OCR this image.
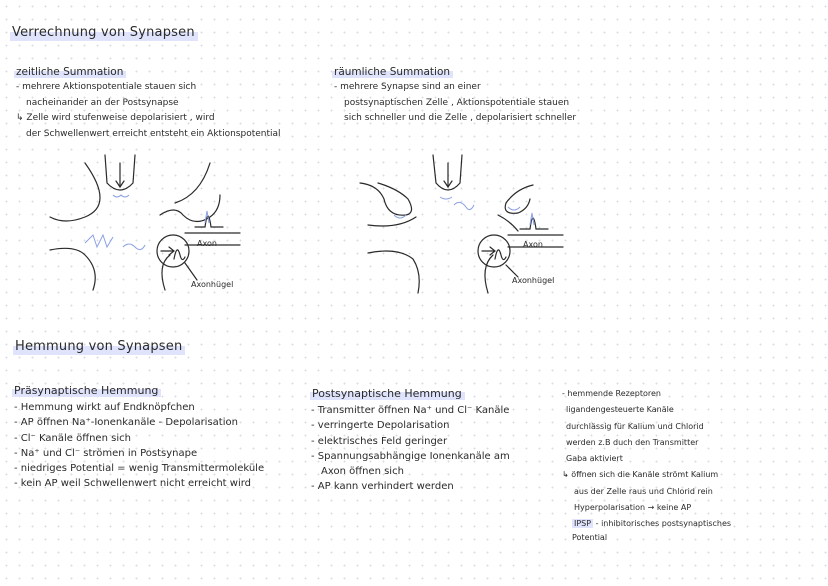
Verrechnung von Synapsen
zeitliche Summation
- mehrere Aktionspotentiale stauen sich
nacheinander an der Postsynapse
↳ Zelle wird stufenweise depolarisiert , wird
der Schwellenwert erreicht entsteht ein Aktionspotential
räumliche Summation
- mehrere Synapse sind an einer
postsynaptischen Zelle , Aktionspotentiale stauen
sich schneller und die Zelle , depolarisiert schneller
Axon
Axonhügel
Axon
Axonhügel
Hemmung von Synapsen
Präsynaptische Hemmung
- Hemmung wirkt auf Endknöpfchen
- AP öffnen Na⁺-Ionenkanäle - Depolarisation
- Cl⁻ Kanäle öffnen sich
- Na⁺ und Cl⁻ strömen in Postsynape
- niedriges Potential = wenig Transmittermoleküle
- kein AP weil Schwellenwert nicht erreicht wird
Postsynaptische Hemmung
- Transmitter öffnen Na⁺ und Cl⁻ Kanäle
- verringerte Depolarisation
- elektrisches Feld geringer
- Spannungsabhängige Ionenkanäle am
Axon öffnen sich
- AP kann verhindert werden
- hemmende Rezeptoren
ligandengesteuerte Kanäle
durchlässig für Kalium und Chlorid
werden z.B duch den Transmitter
Gaba aktiviert
↳ öffnen sich die Kanäle strömt Kalium
aus der Zelle raus und Chlorid rein
Hyperpolarisation → keine AP
IPSP - inhibitorisches postsynaptisches
Potential
